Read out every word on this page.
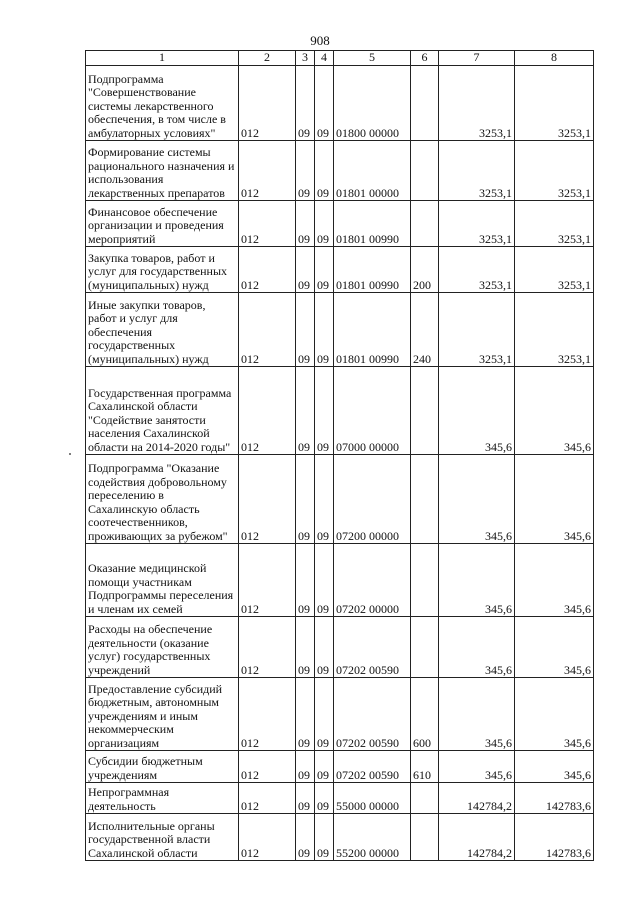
908
1	2	3	4	5	6	7	8
Подпрограмма "Совершенствование системы лекарственного обеспечения, в том числе в амбулаторных условиях"	012	09	09	01800 00000		3253,1	3253,1
Формирование системы рационального назначения и использования лекарственных препаратов	012	09	09	01801 00000		3253,1	3253,1
Финансовое обеспечение организации и проведения мероприятий	012	09	09	01801 00990		3253,1	3253,1
Закупка товаров, работ и услуг для государственных (муниципальных) нужд	012	09	09	01801 00990	200	3253,1	3253,1
Иные закупки товаров, работ и услуг для обеспечения государственных (муниципальных) нужд	012	09	09	01801 00990	240	3253,1	3253,1
Государственная программа Сахалинской области "Содействие занятости населения Сахалинской области на 2014-2020 годы"	012	09	09	07000 00000		345,6	345,6
Подпрограмма "Оказание содействия добровольному переселению в Сахалинскую область соотечественников, проживающих за рубежом"	012	09	09	07200 00000		345,6	345,6
Оказание медицинской помощи участникам Подпрограммы переселения и членам их семей	012	09	09	07202 00000		345,6	345,6
Расходы на обеспечение деятельности (оказание услуг) государственных учреждений	012	09	09	07202 00590		345,6	345,6
Предоставление субсидий бюджетным, автономным учреждениям и иным некоммерческим организациям	012	09	09	07202 00590	600	345,6	345,6
Субсидии бюджетным учреждениям	012	09	09	07202 00590	610	345,6	345,6
Непрограммная деятельность	012	09	09	55000 00000		142784,2	142783,6
Исполнительные органы государственной власти Сахалинской области	012	09	09	55200 00000		142784,2	142783,6
